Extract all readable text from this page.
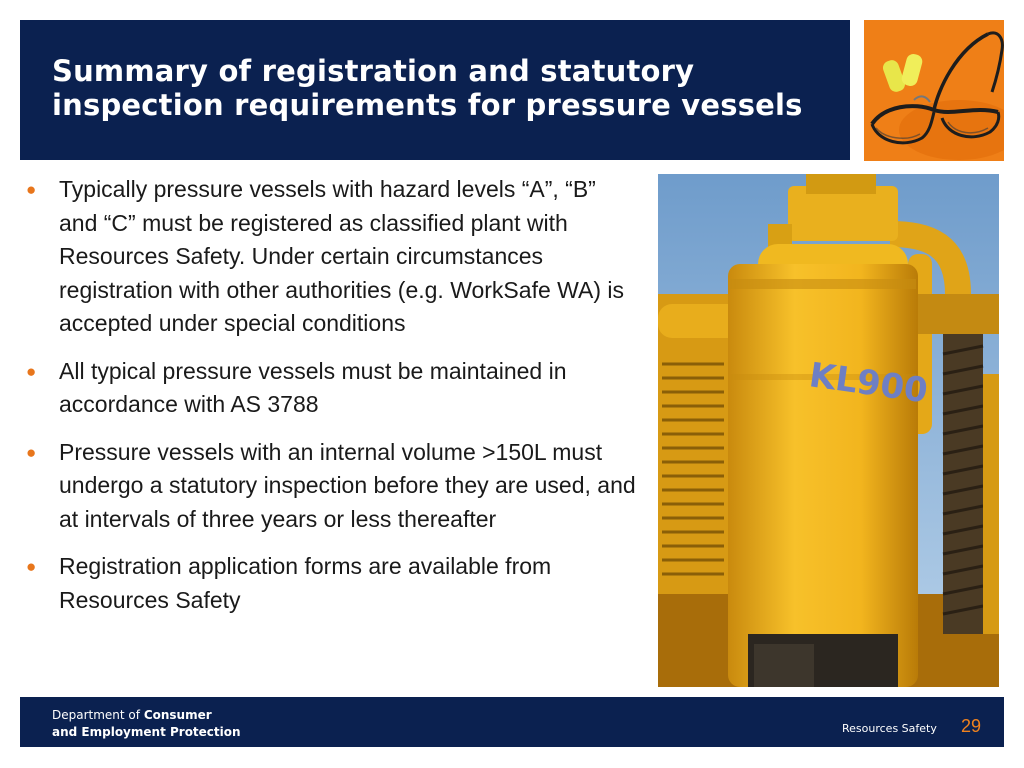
Summary of registration and statutory
inspection requirements for pressure vessels
● Typically pressure vessels with hazard levels “A”, “B” and “C” must be registered as classified plant with Resources Safety. Under certain circumstances registration with other authorities (e.g. WorkSafe WA) is accepted under special conditions
● All typical pressure vessels must be maintained in accordance with AS 3788
● Pressure vessels with an internal volume >150L must undergo a statutory inspection before they are used, and at intervals of three years or less thereafter
● Registration application forms are available from Resources Safety
KL900
Department of Consumer
and Employment Protection	Resources Safety 29
